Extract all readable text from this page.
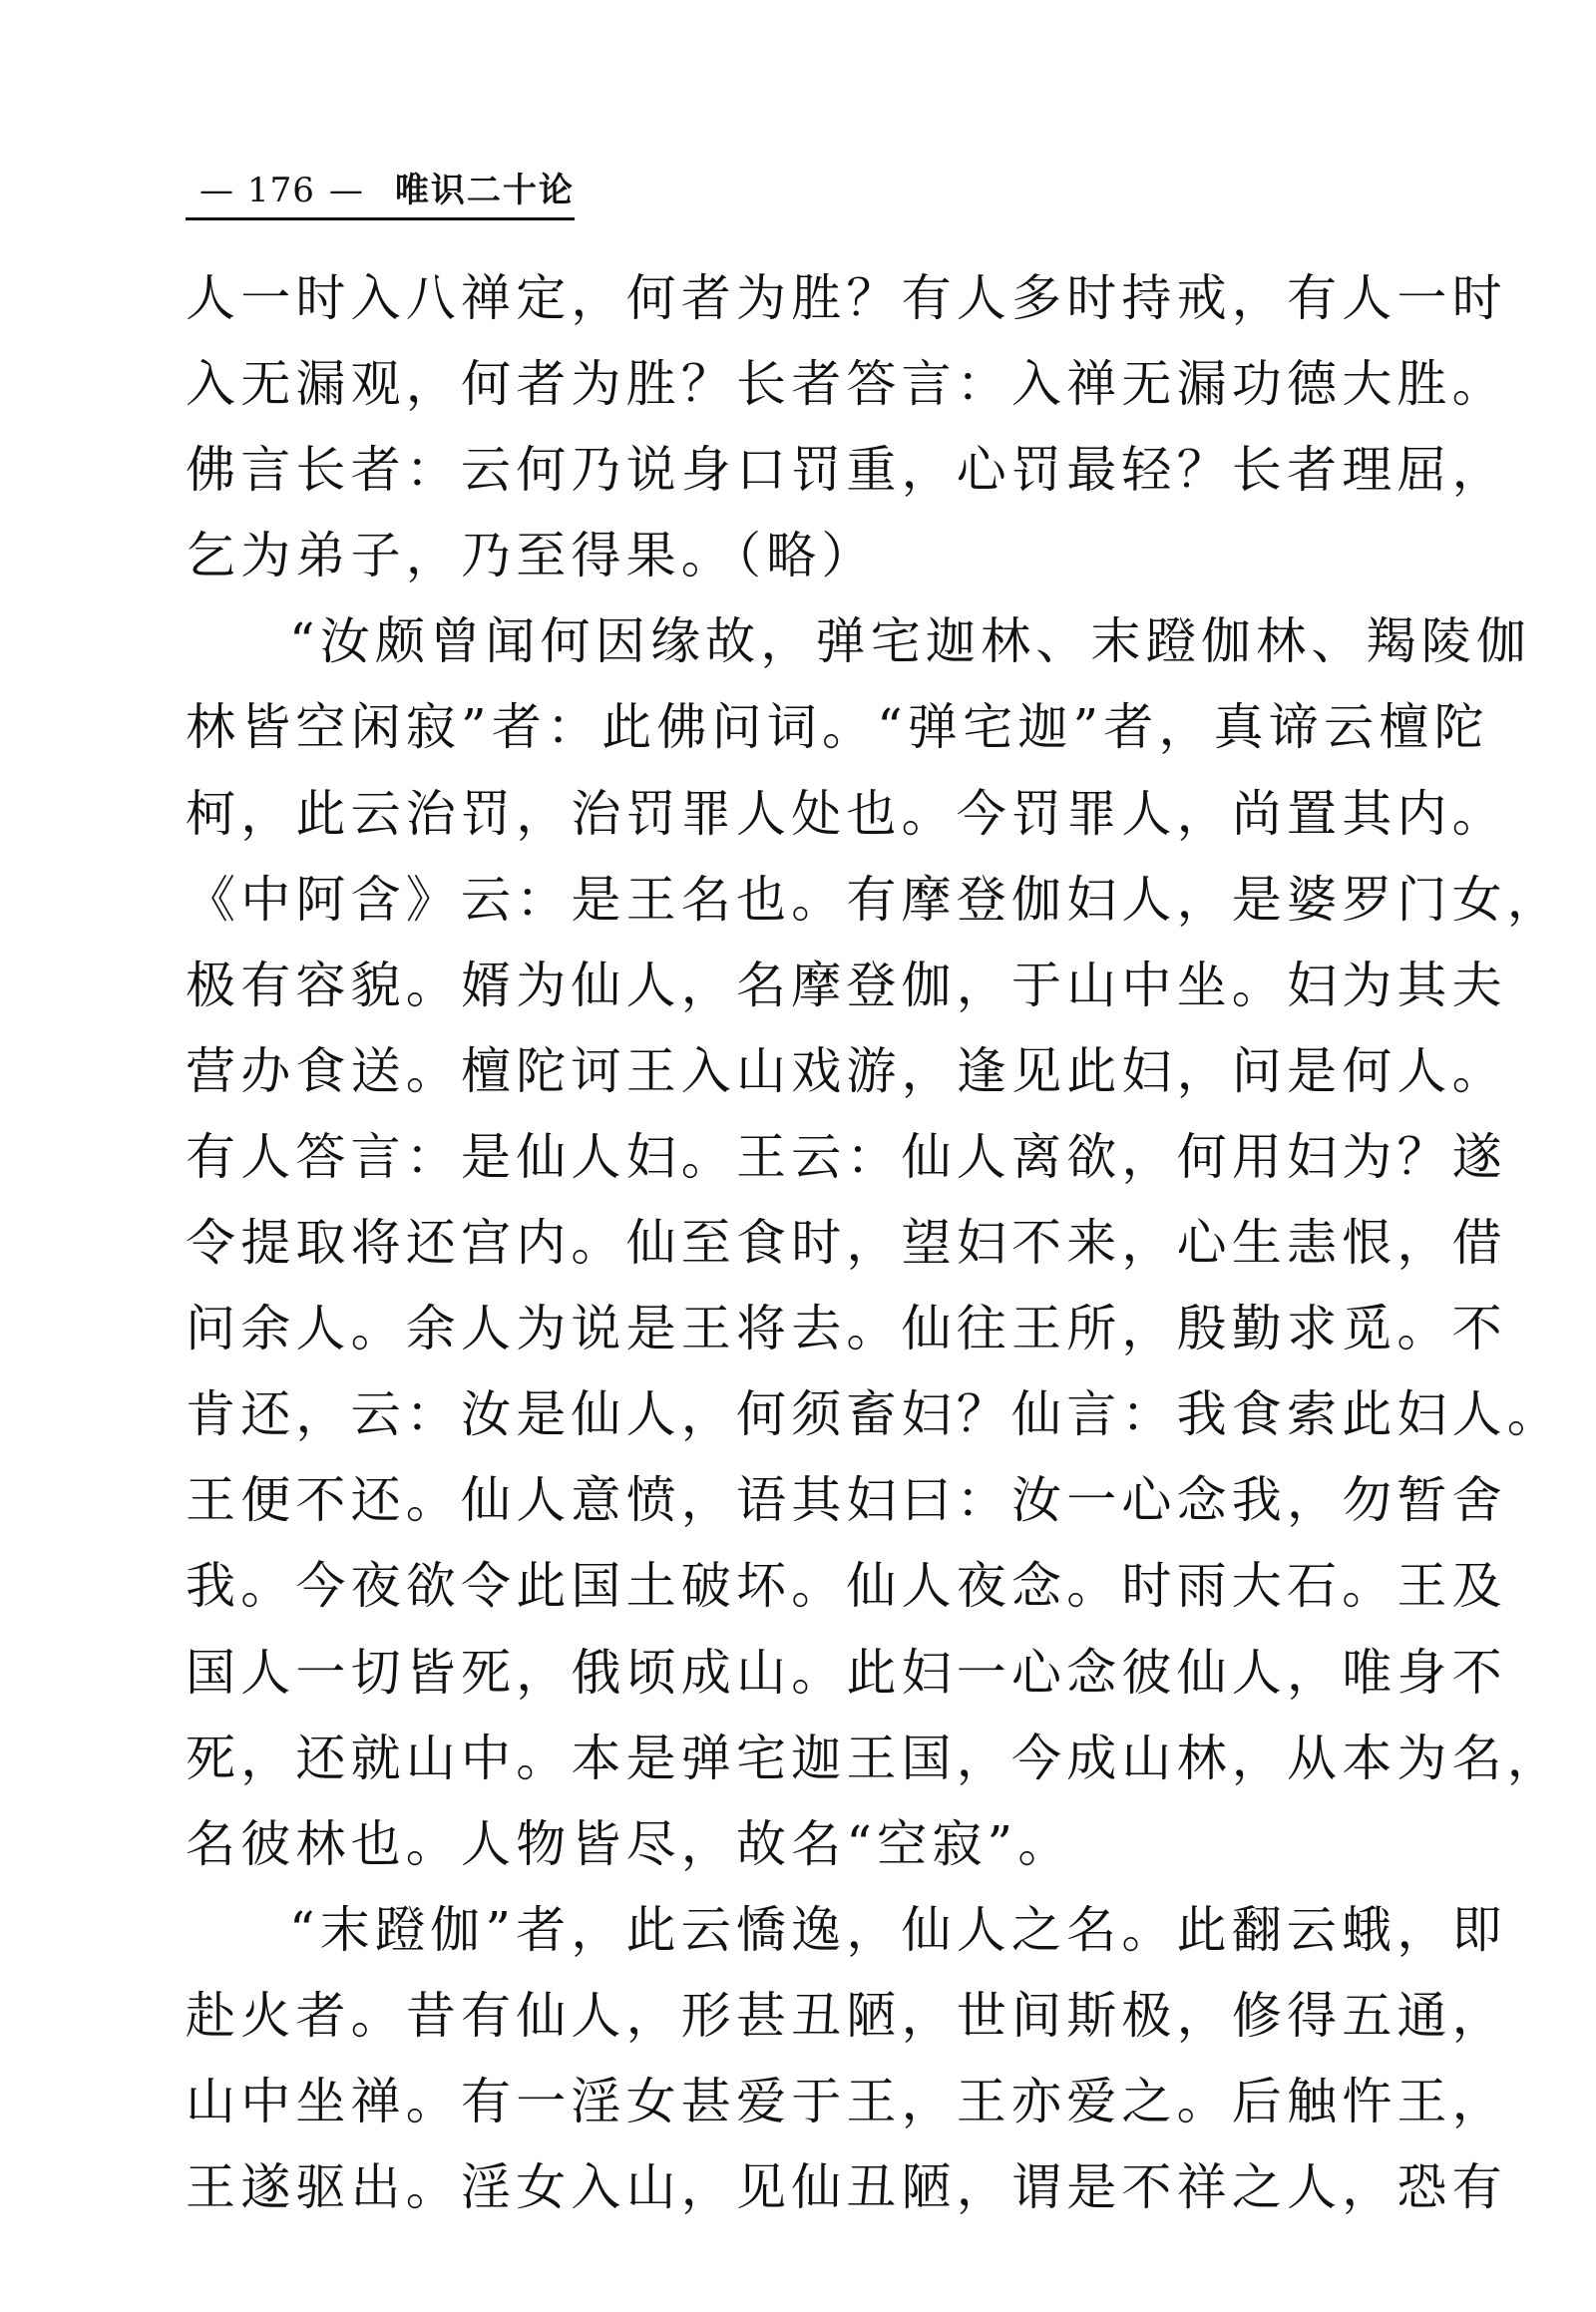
— 176 — 唯识二十论
人一时入八禅定，何者为胜？有人多时持戒，有人一时
入无漏观，何者为胜？长者答言：入禅无漏功德大胜。
佛言长者：云何乃说身口罚重，心罚最轻？长者理屈，
乞为弟子，乃至得果。（略）
“汝颇曾闻何因缘故，弹宅迦林、末蹬伽林、羯陵伽
林皆空闲寂”者：此佛问词。“弹宅迦”者，真谛云檀陀
柯，此云治罚，治罚罪人处也。今罚罪人，尚置其内。
《中阿含》云：是王名也。有摩登伽妇人，是婆罗门女，
极有容貌。婿为仙人，名摩登伽，于山中坐。妇为其夫
营办食送。檀陀诃王入山戏游，逢见此妇，问是何人。
有人答言：是仙人妇。王云：仙人离欲，何用妇为？遂
令提取将还宫内。仙至食时，望妇不来，心生恚恨，借
问余人。余人为说是王将去。仙往王所，殷勤求觅。不
肯还，云：汝是仙人，何须畜妇？仙言：我食索此妇人。
王便不还。仙人意愤，语其妇曰：汝一心念我，勿暂舍
我。今夜欲令此国土破坏。仙人夜念。时雨大石。王及
国人一切皆死，俄顷成山。此妇一心念彼仙人，唯身不
死，还就山中。本是弹宅迦王国，今成山林，从本为名，
名彼林也。人物皆尽，故名“空寂”。
“末蹬伽”者，此云憍逸，仙人之名。此翻云蛾，即
赴火者。昔有仙人，形甚丑陋，世间斯极，修得五通，
山中坐禅。有一淫女甚爱于王，王亦爱之。后触忤王，
王遂驱出。淫女入山，见仙丑陋，谓是不祥之人，恐有
